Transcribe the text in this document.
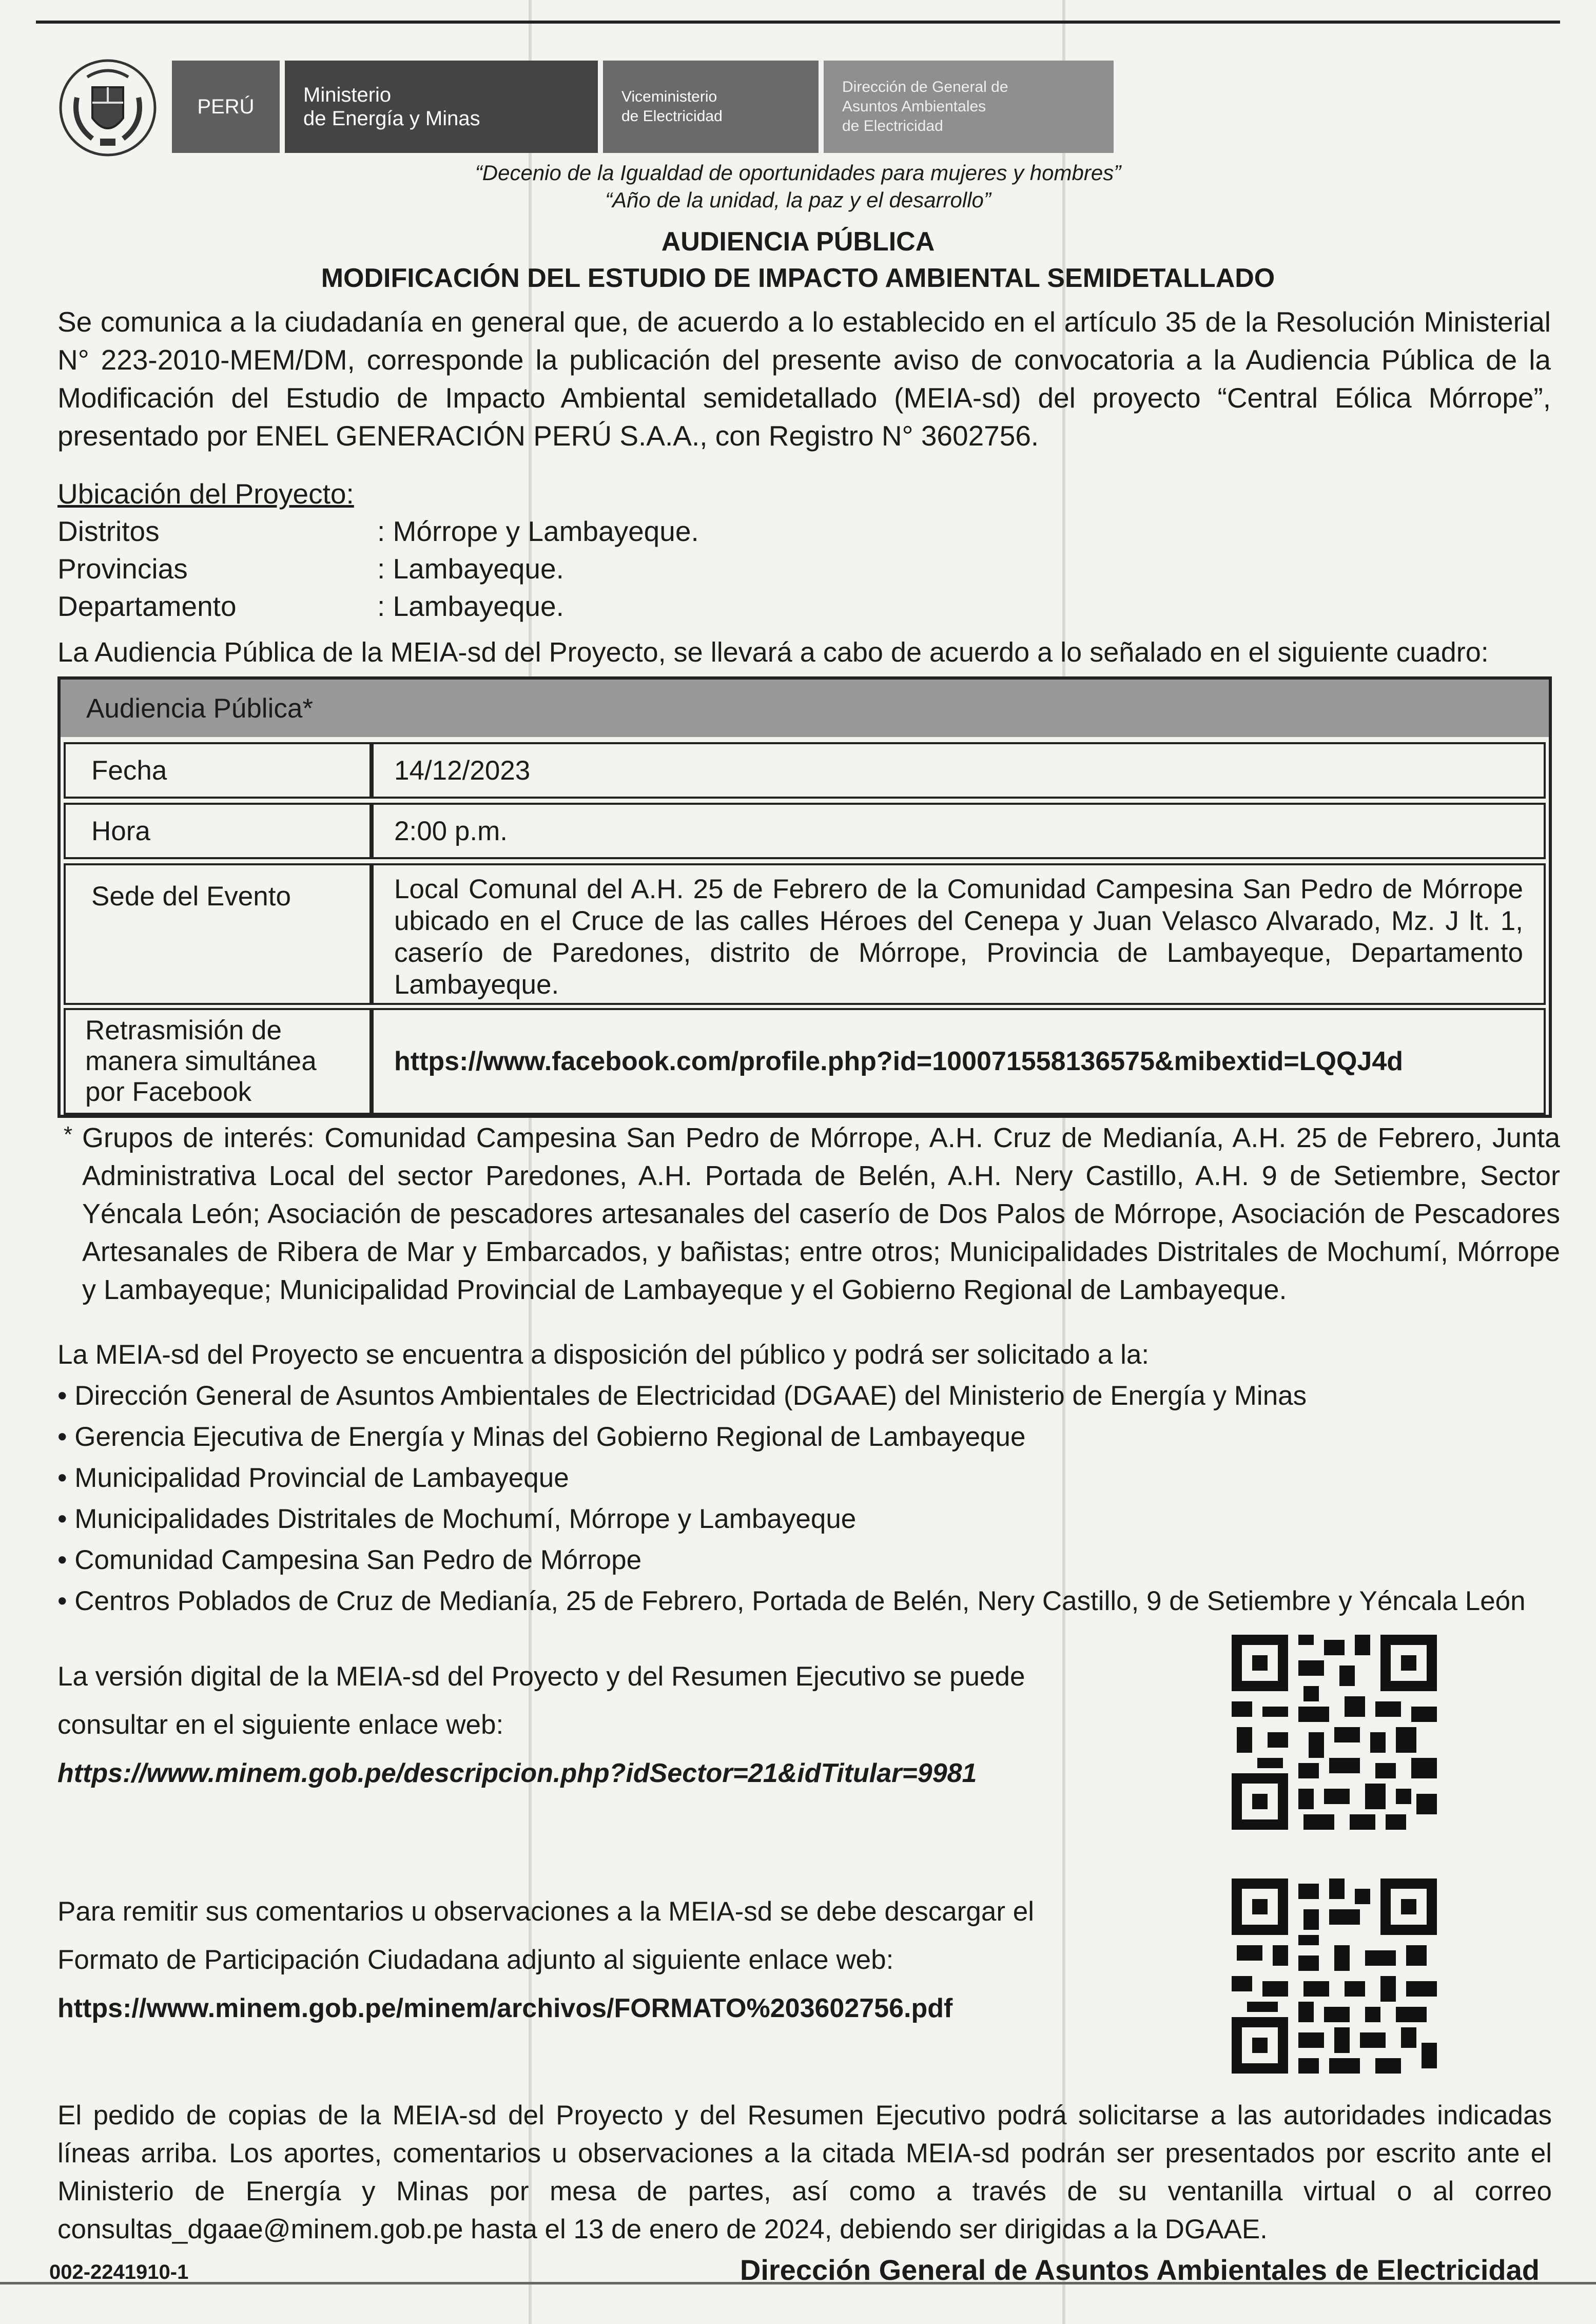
PERÚ
Ministerio
de Energía y Minas
Viceministerio
de Electricidad
Dirección de General de
Asuntos Ambientales
de Electricidad
“Decenio de la Igualdad de oportunidades para mujeres y hombres”
“Año de la unidad, la paz y el desarrollo”
AUDIENCIA PÚBLICA
MODIFICACIÓN DEL ESTUDIO DE IMPACTO AMBIENTAL SEMIDETALLADO
Se comunica a la ciudadanía en general que, de acuerdo a lo establecido en el artículo 35 de la Resolución Ministerial N° 223-2010-MEM/DM, corresponde la publicación del presente aviso de convocatoria a la Audiencia Pública de la Modificación del Estudio de Impacto Ambiental semidetallado (MEIA-sd) del proyecto “Central Eólica Mórrope”, presentado por ENEL GENERACIÓN PERÚ S.A.A., con Registro N° 3602756.
Ubicación del Proyecto:
Distritos	: Mórrope y Lambayeque.
Provincias	: Lambayeque.
Departamento	: Lambayeque.
La Audiencia Pública de la MEIA-sd del Proyecto, se llevará a cabo de acuerdo a lo señalado en el siguiente cuadro:
Audiencia Pública*
Fecha	14/12/2023
Hora	2:00 p.m.
Sede del Evento	Local Comunal del A.H. 25 de Febrero de la Comunidad Campesina San Pedro de Mórrope ubicado en el Cruce de las calles Héroes del Cenepa y Juan Velasco Alvarado, Mz. J lt. 1, caserío de Paredones, distrito de Mórrope, Provincia de Lambayeque, Departamento Lambayeque.
Retrasmisión de
manera simultánea
por Facebook
https://www.facebook.com/profile.php?id=100071558136575&mibextid=LQQJ4d
* Grupos de interés: Comunidad Campesina San Pedro de Mórrope, A.H. Cruz de Medianía, A.H. 25 de Febrero, Junta Administrativa Local del sector Paredones, A.H. Portada de Belén, A.H. Nery Castillo, A.H. 9 de Setiembre, Sector Yéncala León; Asociación de pescadores artesanales del caserío de Dos Palos de Mórrope, Asociación de Pescadores Artesanales de Ribera de Mar y Embarcados, y bañistas; entre otros; Municipalidades Distritales de Mochumí, Mórrope y Lambayeque; Municipalidad Provincial de Lambayeque y el Gobierno Regional de Lambayeque.
La MEIA-sd del Proyecto se encuentra a disposición del público y podrá ser solicitado a la:
• Dirección General de Asuntos Ambientales de Electricidad (DGAAE) del Ministerio de Energía y Minas
• Gerencia Ejecutiva de Energía y Minas del Gobierno Regional de Lambayeque
• Municipalidad Provincial de Lambayeque
• Municipalidades Distritales de Mochumí, Mórrope y Lambayeque
• Comunidad Campesina San Pedro de Mórrope
• Centros Poblados de Cruz de Medianía, 25 de Febrero, Portada de Belén, Nery Castillo, 9 de Setiembre y Yéncala León
La versión digital de la MEIA-sd del Proyecto y del Resumen Ejecutivo se puede
consultar en el siguiente enlace web:
https://www.minem.gob.pe/descripcion.php?idSector=21&idTitular=9981
Para remitir sus comentarios u observaciones a la MEIA-sd se debe descargar el
Formato de Participación Ciudadana adjunto al siguiente enlace web:
https://www.minem.gob.pe/minem/archivos/FORMATO%203602756.pdf
El pedido de copias de la MEIA-sd del Proyecto y del Resumen Ejecutivo podrá solicitarse a las autoridades indicadas líneas arriba. Los aportes, comentarios u observaciones a la citada MEIA-sd podrán ser presentados por escrito ante el Ministerio de Energía y Minas por mesa de partes, así como a través de su ventanilla virtual o al correo consultas_dgaae@minem.gob.pe hasta el 13 de enero de 2024, debiendo ser dirigidas a la DGAAE.
002-2241910-1	Dirección General de Asuntos Ambientales de Electricidad
